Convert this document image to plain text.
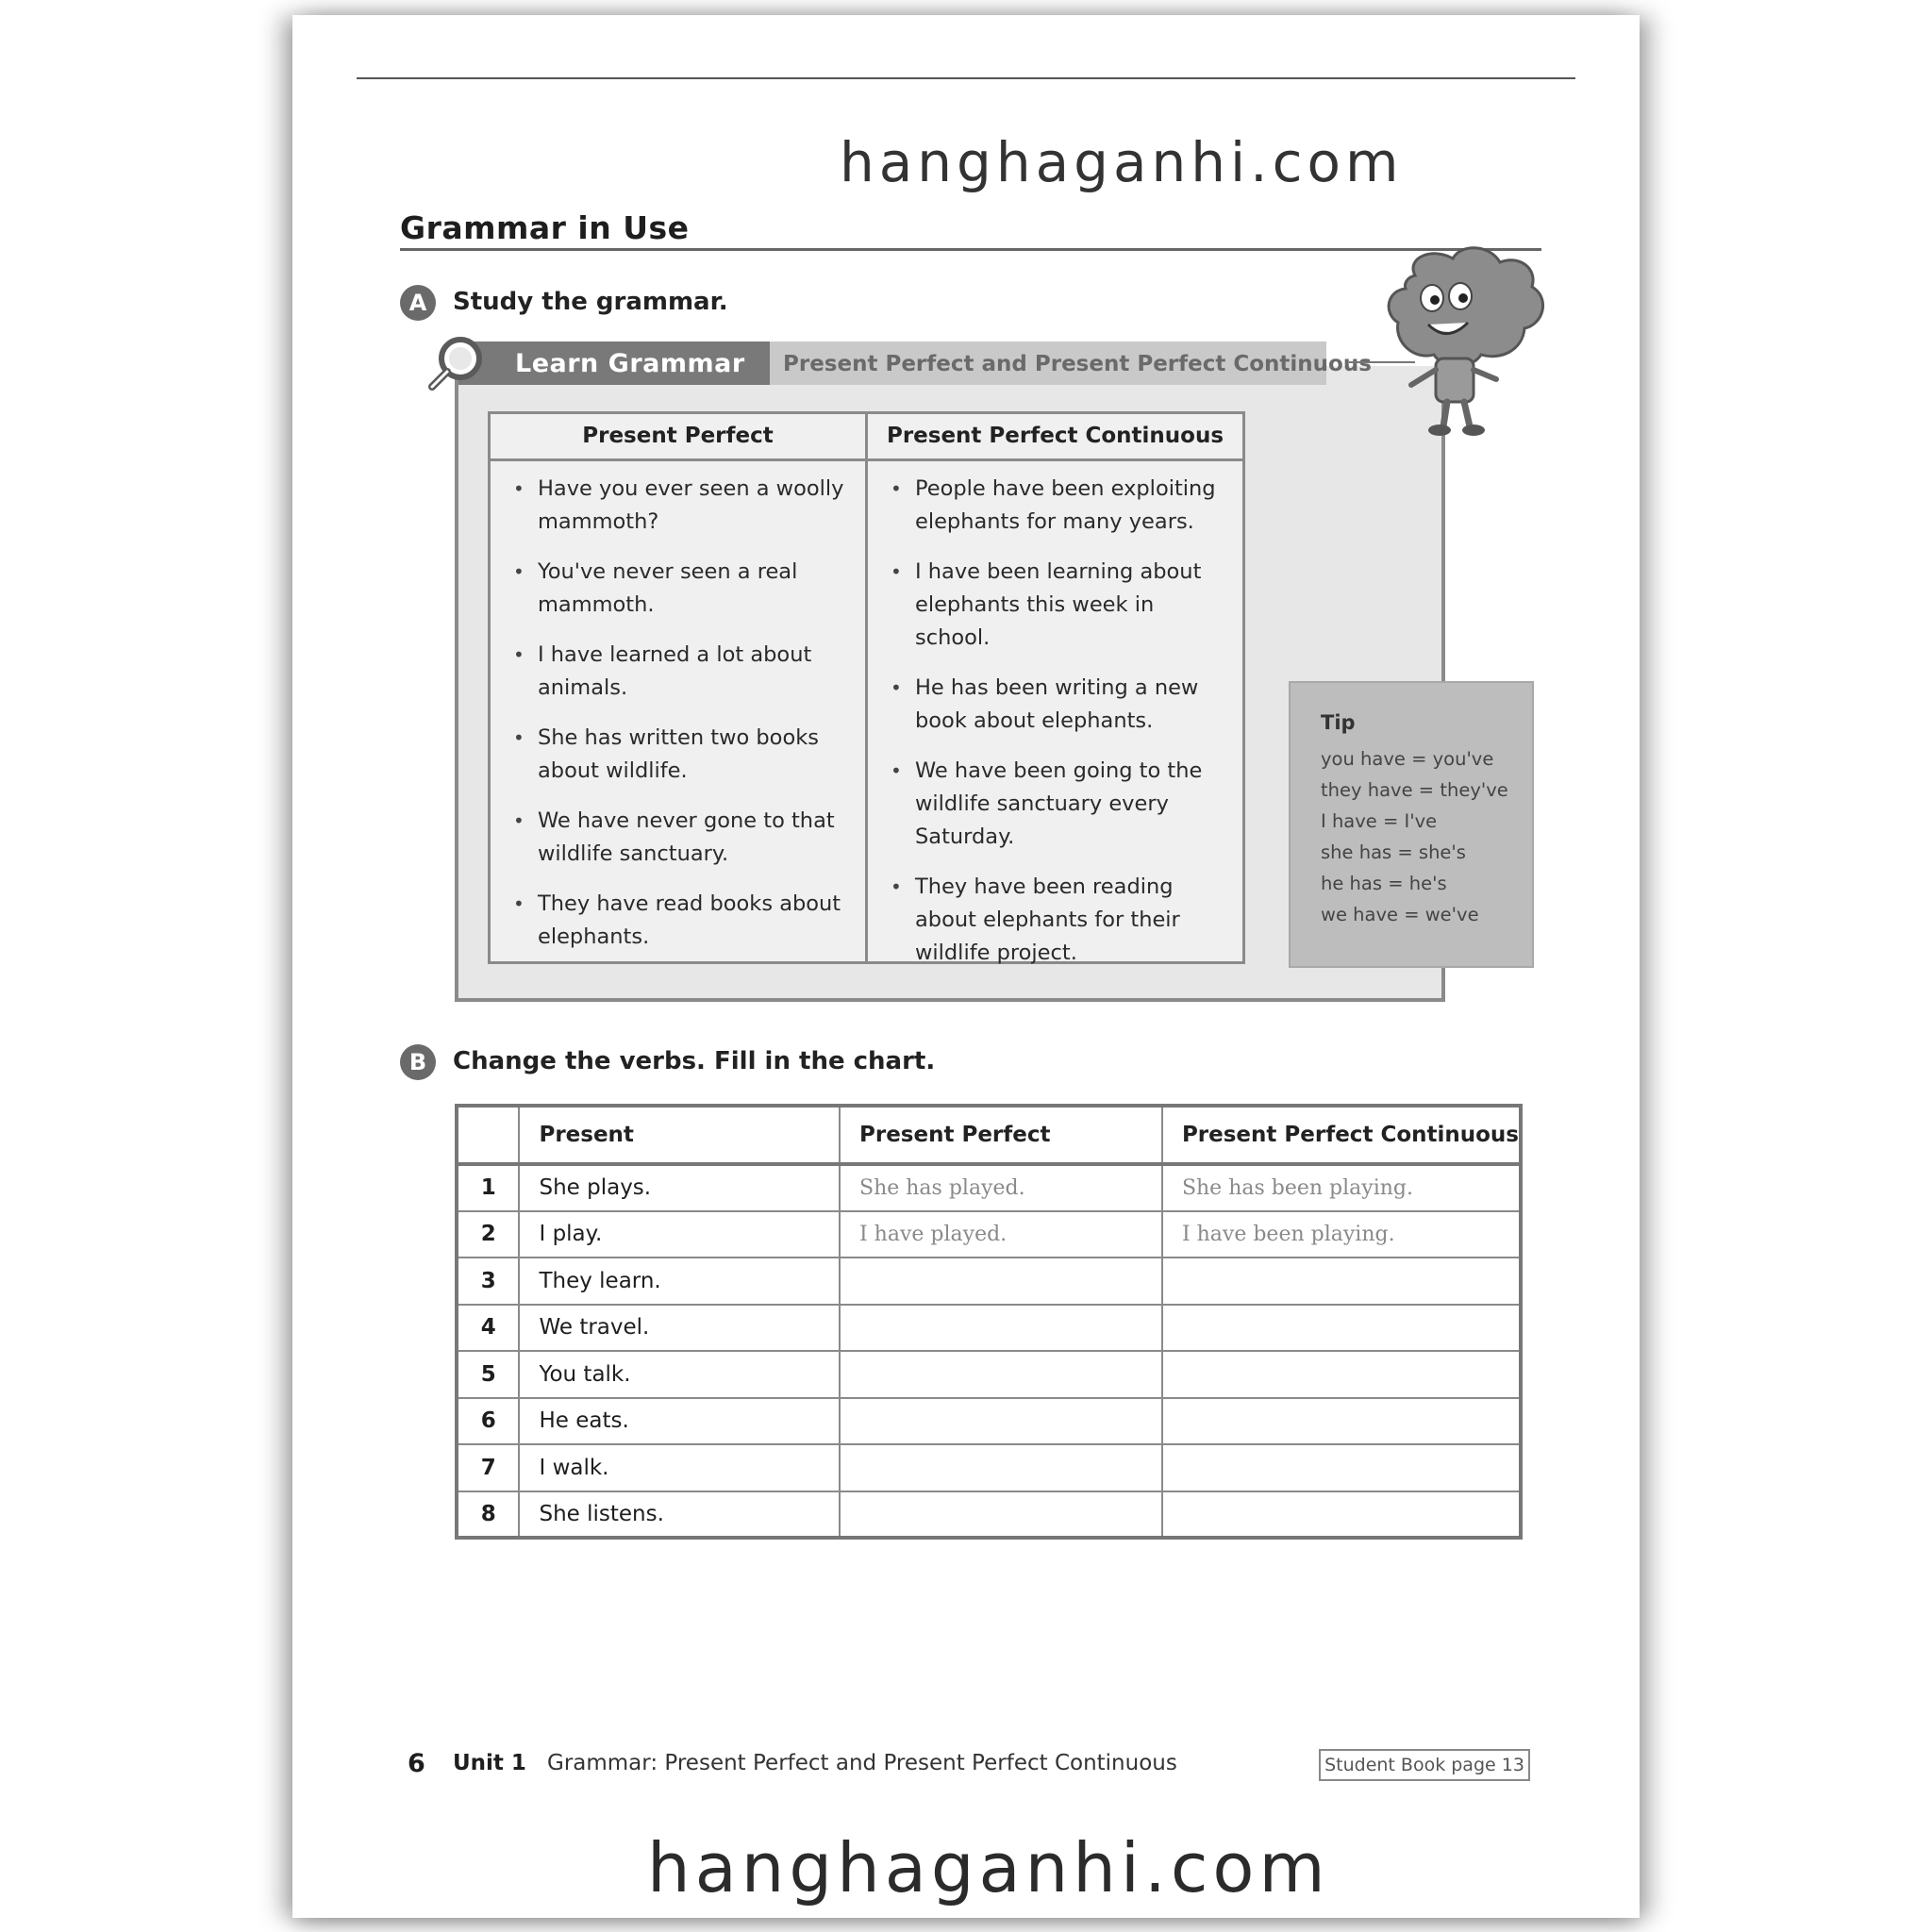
hanghaganhi.com
Grammar in Use
A	Study the grammar.
Learn Grammar Present Perfect and Present Perfect Continuous
Present Perfect
• Have you ever seen a woolly mammoth?
• You've never seen a real mammoth.
• I have learned a lot about animals.
• She has written two books about wildlife.
• We have never gone to that wildlife sanctuary.
• They have read books about elephants.
Present Perfect Continuous
• People have been exploiting elephants for many years.
• I have been learning about elephants this week in school.
• He has been writing a new book about elephants.
• We have been going to the wildlife sanctuary every Saturday.
• They have been reading about elephants for their wildlife project.
Tip
you have = you've
they have = they've
I have = I've
she has = she's
he has = he's
we have = we've
B	Change the verbs. Fill in the chart.
	Present	Present Perfect	Present Perfect Continuous
1	She plays.	She has played.	She has been playing.
2	I play.	I have played.	I have been playing.
3	They learn.		
4	We travel.		
5	You talk.		
6	He eats.		
7	I walk.		
8	She listens.		
6 Unit 1 Grammar: Present Perfect and Present Perfect Continuous	Student Book page 13
hanghaganhi.com
